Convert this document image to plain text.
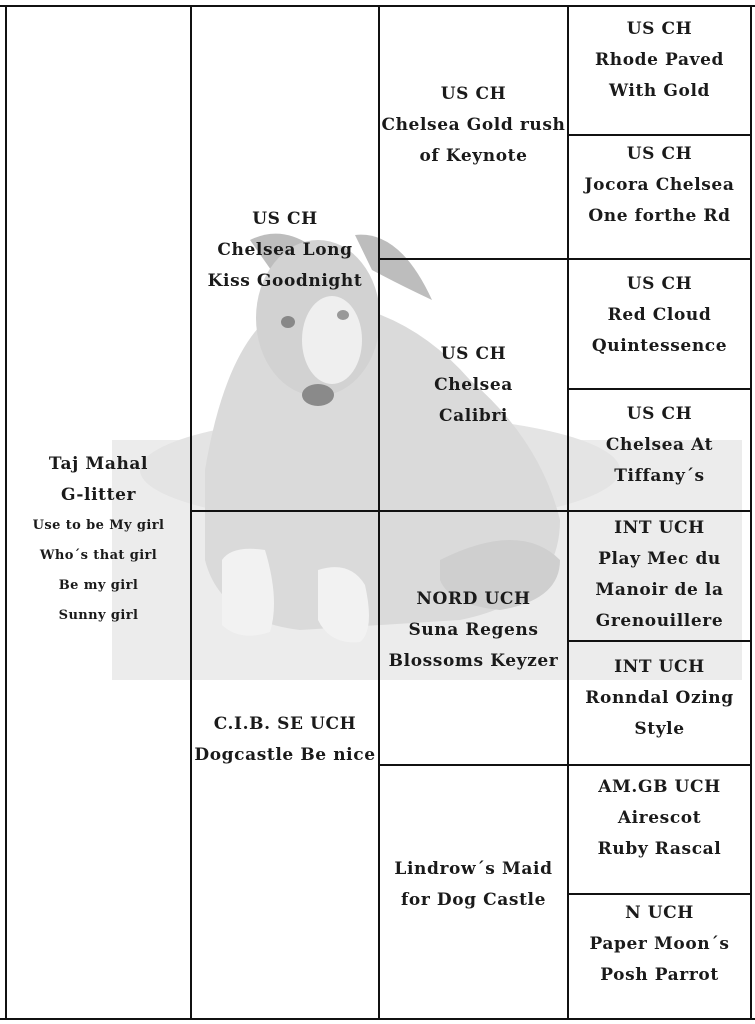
Taj Mahal
G-litter
Use to be My girl
Who´s that girl
Be my girl
Sunny girl
US CH
Chelsea Long
Kiss Goodnight
C.I.B. SE UCH
Dogcastle Be nice
US CH
Chelsea Gold rush
of Keynote
US CH
Chelsea
Calibri
NORD UCH
Suna Regens
Blossoms Keyzer
Lindrow´s Maid
for Dog Castle
US CH
Rhode Paved
With Gold
US CH
Jocora Chelsea
One forthe Rd
US CH
Red Cloud
Quintessence
US CH
Chelsea At
Tiffany´s
INT UCH
Play Mec du
Manoir de la
Grenouillere
INT UCH
Ronndal Ozing
Style
AM.GB UCH
Airescot
Ruby Rascal
N UCH
Paper Moon´s
Posh Parrot
